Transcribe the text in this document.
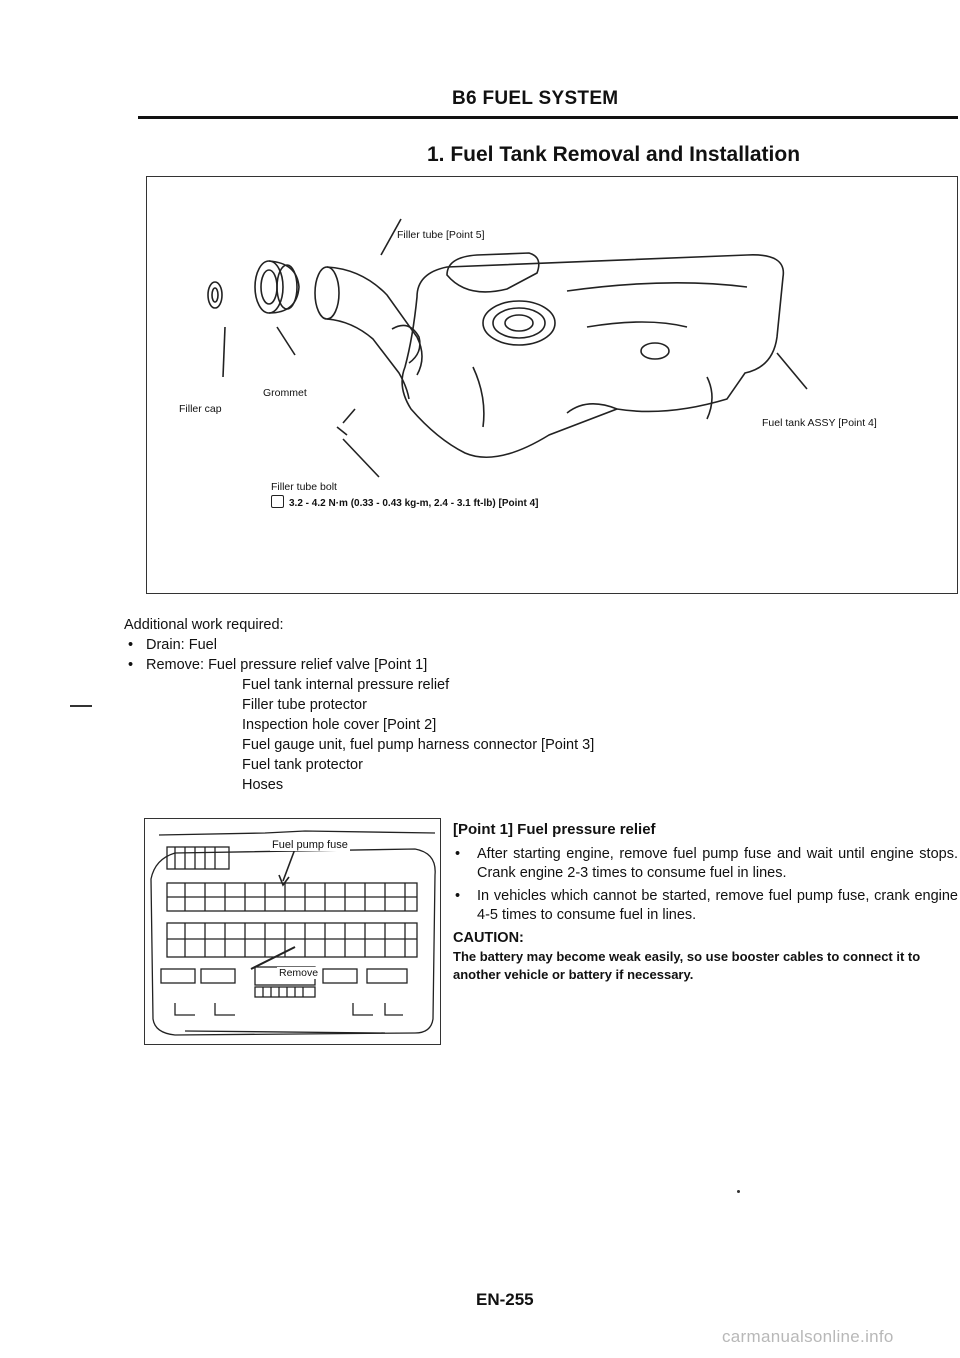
B6 FUEL SYSTEM
1. Fuel Tank Removal and Installation
Filler tube [Point 5]
Grommet
Filler cap
Fuel tank ASSY [Point 4]
Filler tube bolt
3.2 - 4.2 N·m (0.33 - 0.43 kg-m, 2.4 - 3.1 ft-lb) [Point 4]
Additional work required:
• Drain:
Fuel
• Remove:
Fuel pressure relief valve [Point 1]
Fuel tank internal pressure relief
Filler tube protector
Inspection hole cover [Point 2]
Fuel gauge unit, fuel pump harness connector [Point 3]
Fuel tank protector
Hoses
Fuel pump fuse
Remove
[Point 1] Fuel pressure relief
•	After starting engine, remove fuel pump fuse and wait until engine stops. Crank engine 2-3 times to consume fuel in lines.
•	In vehicles which cannot be started, remove fuel pump fuse, crank engine 4-5 times to consume fuel in lines.
CAUTION:
The battery may become weak easily, so use booster cables to connect it to another vehicle or battery if necessary.
EN-255
carmanualsonline.info
